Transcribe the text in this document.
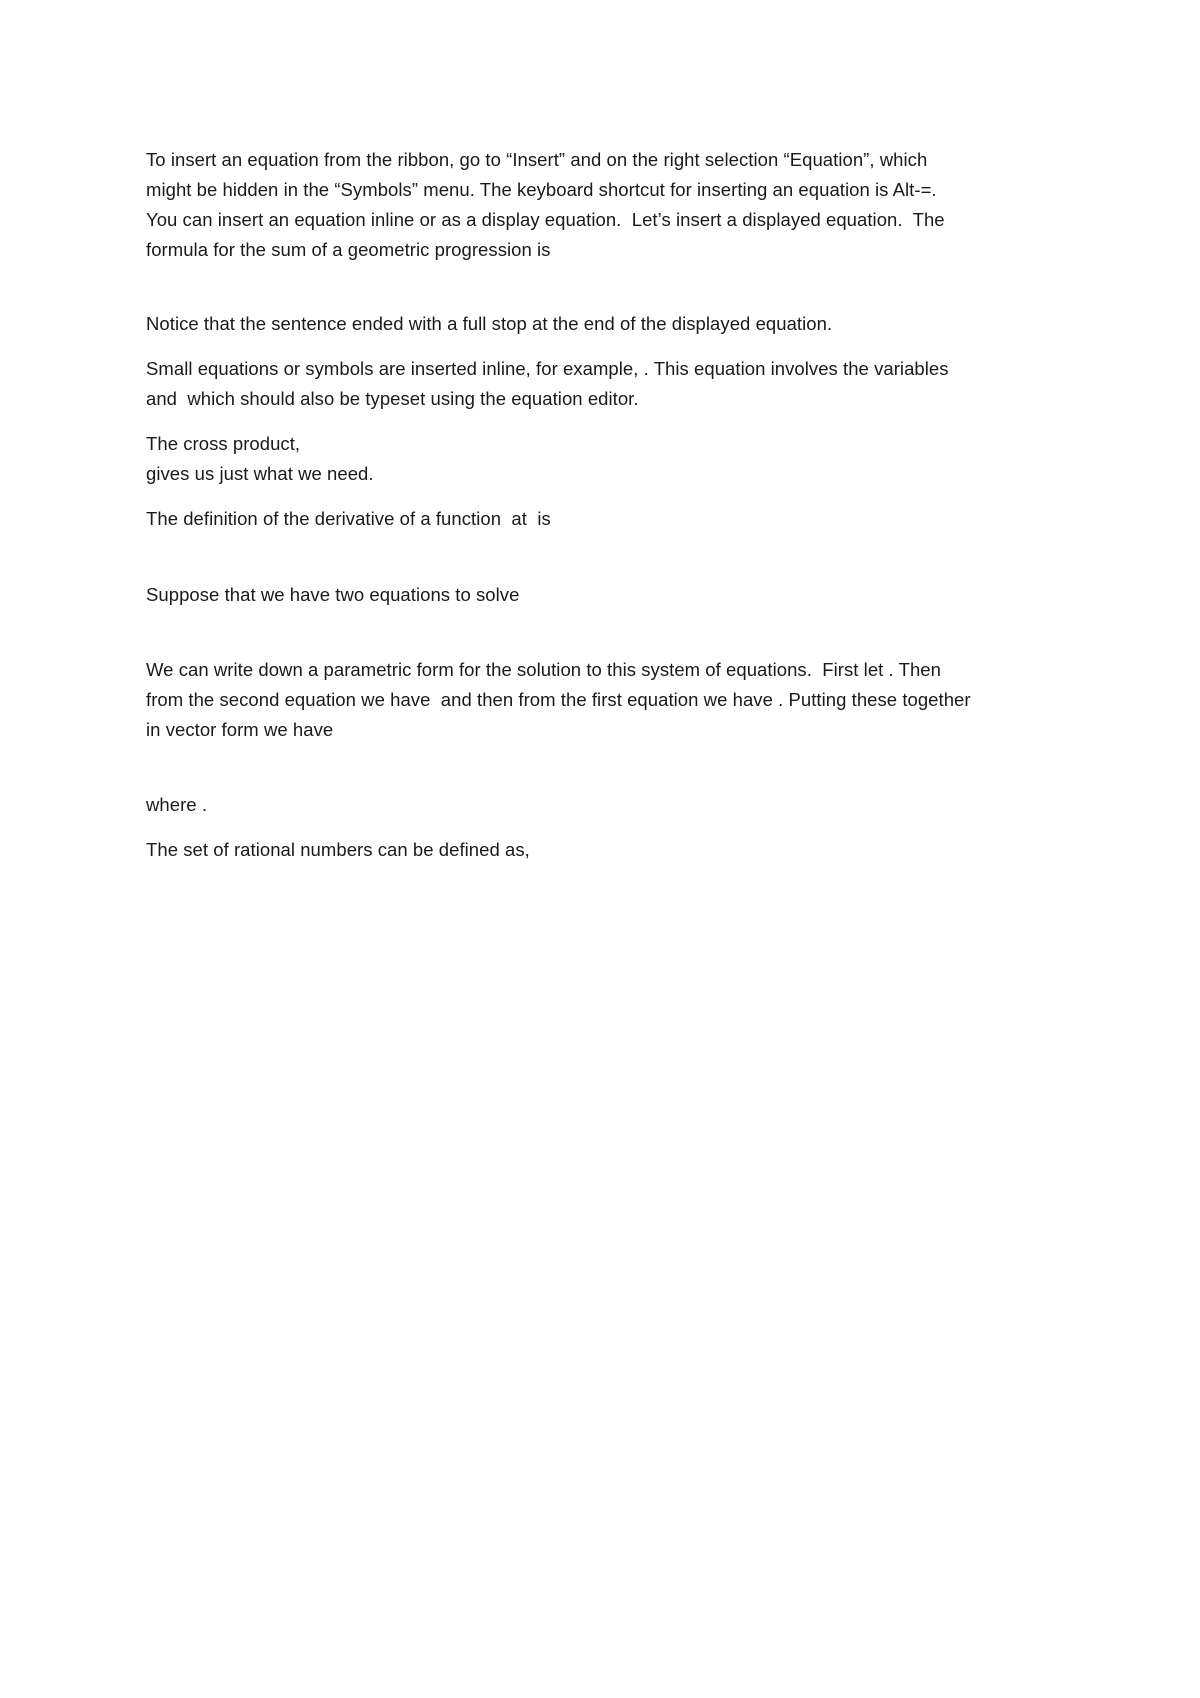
To insert an equation from the ribbon, go to “Insert” and on the right selection “Equation”, which
might be hidden in the “Symbols” menu. The keyboard shortcut for inserting an equation is Alt-=.
You can insert an equation inline or as a display equation.  Let’s insert a displayed equation.  The
formula for the sum of a geometric progression is
Notice that the sentence ended with a full stop at the end of the displayed equation.
Small equations or symbols are inserted inline, for example, . This equation involves the variables
and  which should also be typeset using the equation editor.
The cross product,
gives us just what we need.
The definition of the derivative of a function  at  is
Suppose that we have two equations to solve
We can write down a parametric form for the solution to this system of equations.  First let . Then
from the second equation we have  and then from the first equation we have . Putting these together
in vector form we have
where .
The set of rational numbers can be defined as,
